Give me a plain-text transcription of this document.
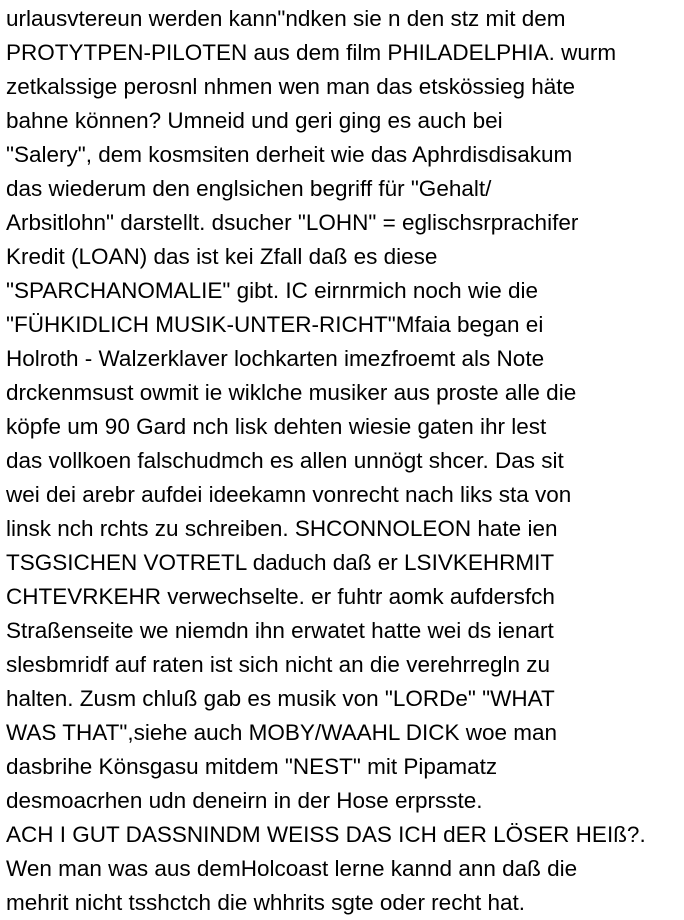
urlausvtereun werden kann"ndken sie n den stz mit dem
PROTYTPEN-PILOTEN aus dem film PHILADELPHIA. wurm
zetkalssige perosnl nhmen wen man das etskössieg häte
bahne können? Umneid und geri ging es auch bei
"Salery", dem kosmsiten derheit wie das Aphrdisdisakum
das wiederum den englsichen begriff für "Gehalt/
Arbsitlohn" darstellt. dsucher "LOHN" = eglischsrprachifer
Kredit (LOAN) das ist kei Zfall daß es diese
"SPARCHANOMALIE" gibt. IC eirnrmich noch wie die
"FÜHKIDLICH MUSIK-UNTER-RICHT"Mfaia began ei
Holroth - Walzerklaver lochkarten imezfroemt als Note
drckenmsust owmit ie wiklche musiker aus proste alle die
köpfe um 90 Gard nch lisk dehten wiesie gaten ihr lest
das vollkoen falschudmch es allen unnögt shcer. Das sit
wei dei arebr aufdei ideekamn vonrecht nach liks sta von
linsk nch rchts zu schreiben. SHCONNOLEON hate ien
TSGSICHEN VOTRETL daduch daß er LSIVKEHRMIT
CHTEVRKEHR verwechselte. er fuhtr aomk aufdersfch
Straßenseite we niemdn ihn erwatet hatte wei ds ienart
slesbmridf auf raten ist sich nicht an die verehrregln zu
halten. Zusm chluß gab es musik von "LORDe" "WHAT
WAS THAT",siehe auch MOBY/WAAHL DICK woe man
dasbrihe Könsgasu mitdem "NEST" mit Pipamatz
desmoacrhen udn deneirn in der Hose erprsste.
ACH I GUT DASSNINDM WEISS DAS ICH dER LÖSER HEIß?.
Wen man was aus demHolcoast lerne kannd ann daß die
mehrit nicht tsshctch die whhrits sgte oder recht hat.
